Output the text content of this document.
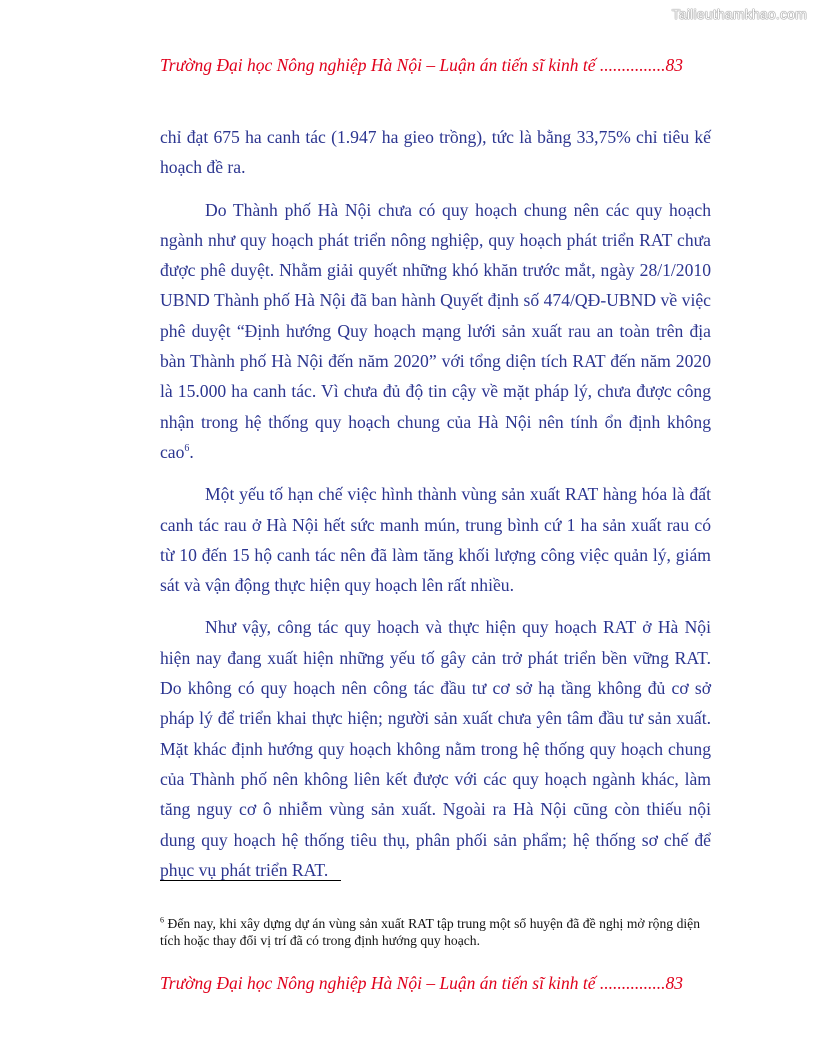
Tailieuthamkhao.com
Trường Đại học Nông nghiệp Hà Nội – Luận án tiến sĩ kinh tế ...............83

chỉ đạt 675 ha canh tác (1.947 ha gieo trồng), tức là bằng 33,75% chỉ tiêu kế hoạch đề ra.

Do Thành phố Hà Nội chưa có quy hoạch chung nên các quy hoạch ngành như quy hoạch phát triển nông nghiệp, quy hoạch phát triển RAT chưa được phê duyệt. Nhằm giải quyết những khó khăn trước mắt, ngày 28/1/2010 UBND Thành phố Hà Nội đã ban hành Quyết định số 474/QĐ-UBND về việc phê duyệt “Định hướng Quy hoạch mạng lưới sản xuất rau an toàn trên địa bàn Thành phố Hà Nội đến năm 2020” với tổng diện tích RAT đến năm 2020 là 15.000 ha canh tác. Vì chưa đủ độ tin cậy về mặt pháp lý, chưa được công nhận trong hệ thống quy hoạch chung của Hà Nội nên tính ổn định không cao$^6$.

Một yếu tố hạn chế việc hình thành vùng sản xuất RAT hàng hóa là đất canh tác rau ở Hà Nội hết sức manh mún, trung bình cứ 1 ha sản xuất rau có từ 10 đến 15 hộ canh tác nên đã làm tăng khối lượng công việc quản lý, giám sát và vận động thực hiện quy hoạch lên rất nhiều.

Như vậy, công tác quy hoạch và thực hiện quy hoạch RAT ở Hà Nội hiện nay đang xuất hiện những yếu tố gây cản trở phát triển bền vững RAT. Do không có quy hoạch nên công tác đầu tư cơ sở hạ tầng không đủ cơ sở pháp lý để triển khai thực hiện; người sản xuất chưa yên tâm đầu tư sản xuất. Mặt khác định hướng quy hoạch không nằm trong hệ thống quy hoạch chung của Thành phố nên không liên kết được với các quy hoạch ngành khác, làm tăng nguy cơ ô nhiễm vùng sản xuất. Ngoài ra Hà Nội cũng còn thiếu nội dung quy hoạch hệ thống tiêu thụ, phân phối sản phẩm; hệ thống sơ chế để phục vụ phát triển RAT.

$^6$ Đến nay, khi xây dựng dự án vùng sản xuất RAT tập trung một số huyện đã đề nghị mở rộng diện tích hoặc thay đổi vị trí đã có trong định hướng quy hoạch.
Trường Đại học Nông nghiệp Hà Nội – Luận án tiến sĩ kinh tế ...............83
